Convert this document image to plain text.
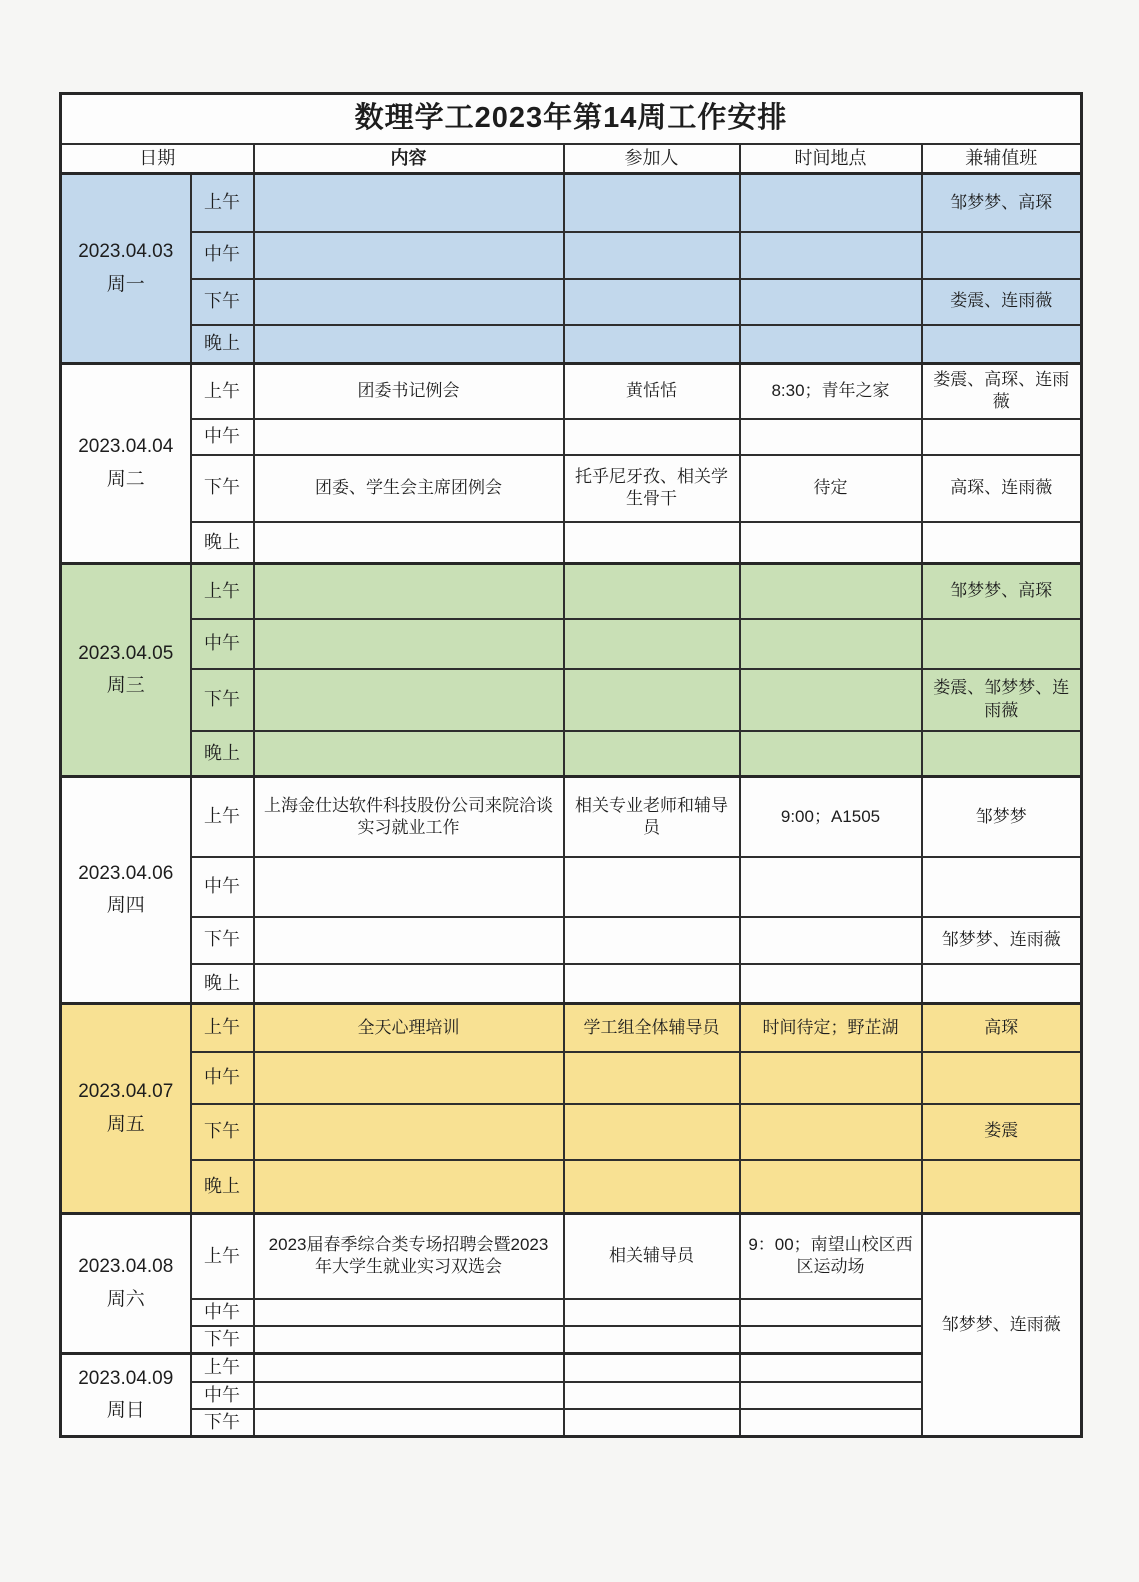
数理学工2023年第14周工作安排					
日期		内容	参加人	时间地点	兼辅值班

2023.04.03
周一	上午				邹梦梦、高琛
	中午				
	下午				娄震、连雨薇
	晚上				

2023.04.04
周二	上午	团委书记例会	黄恬恬	8:30；青年之家	娄震、高琛、连雨薇
	中午				
	下午	团委、学生会主席团例会	托乎尼牙孜、相关学生骨干	待定	高琛、连雨薇
	晚上				

2023.04.05
周三	上午				邹梦梦、高琛
	中午				
	下午				娄震、邹梦梦、连雨薇
	晚上				

2023.04.06
周四	上午	上海金仕达软件科技股份公司来院洽谈实习就业工作	相关专业老师和辅导员	9:00；A1505	邹梦梦
	中午				
	下午				邹梦梦、连雨薇
	晚上				

2023.04.07
周五	上午	全天心理培训	学工组全体辅导员	时间待定；野芷湖	高琛
	中午				
	下午				娄震
	晚上				

2023.04.08
周六	上午	2023届春季综合类专场招聘会暨2023年大学生就业实习双选会	相关辅导员	9：00；南望山校区西区运动场	邹梦梦、连雨薇
	中午				
	下午				

2023.04.09
周日	上午				
	中午				
	下午				
